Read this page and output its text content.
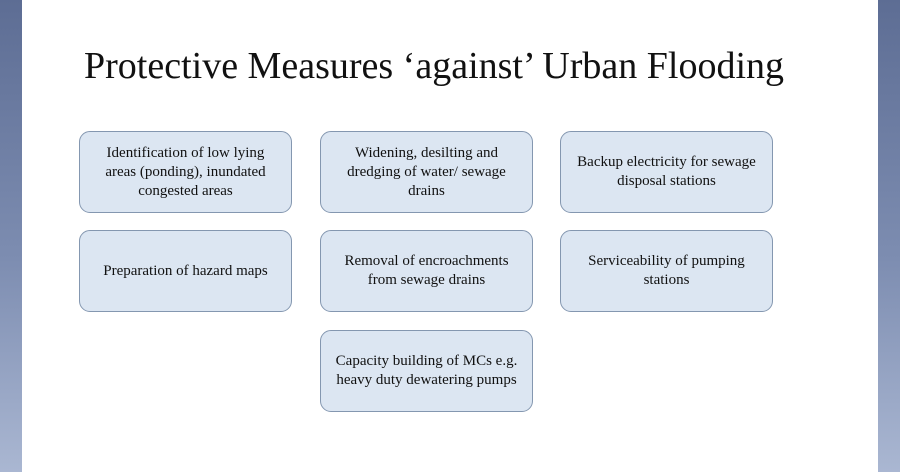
Protective Measures ‘against’ Urban Flooding
Identification of low lying areas (ponding), inundated congested areas
Widening, desilting and dredging of water/ sewage drains
Backup electricity for sewage disposal stations
Preparation of hazard maps
Removal of encroachments from sewage drains
Serviceability of pumping stations
Capacity building of MCs e.g. heavy duty dewatering pumps
